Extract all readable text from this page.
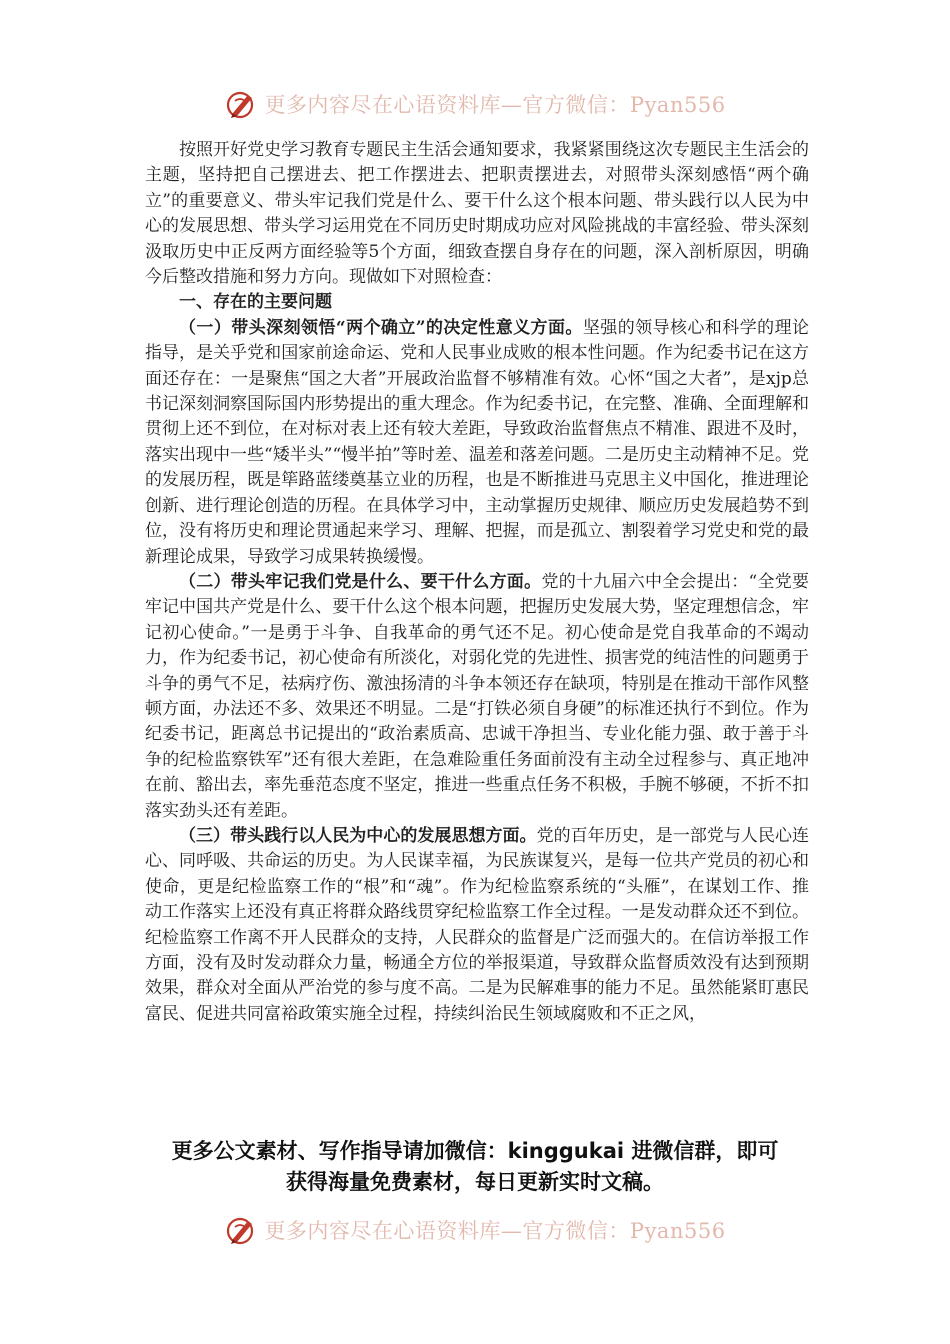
更多内容尽在心语资料库—官方微信：Pyan556

按照开好党史学习教育专题民主生活会通知要求，我紧紧围绕这次专题民主生活会的主题，坚持把自己摆进去、把工作摆进去、把职责摆进去，对照带头深刻感悟“两个确立”的重要意义、带头牢记我们党是什么、要干什么这个根本问题、带头践行以人民为中心的发展思想、带头学习运用党在不同历史时期成功应对风险挑战的丰富经验、带头深刻汲取历史中正反两方面经验等5个方面，细致查摆自身存在的问题，深入剖析原因，明确今后整改措施和努力方向。现做如下对照检查：

一、存在的主要问题

（一）带头深刻领悟“两个确立”的决定性意义方面。坚强的领导核心和科学的理论指导，是关乎党和国家前途命运、党和人民事业成败的根本性问题。作为纪委书记在这方面还存在：一是聚焦“国之大者”开展政治监督不够精准有效。心怀“国之大者”，是xjp总书记深刻洞察国际国内形势提出的重大理念。作为纪委书记，在完整、准确、全面理解和贯彻上还不到位，在对标对表上还有较大差距，导致政治监督焦点不精准、跟进不及时，落实出现中一些“矮半头”“慢半拍”等时差、温差和落差问题。二是历史主动精神不足。党的发展历程，既是筚路蓝缕奠基立业的历程，也是不断推进马克思主义中国化，推进理论创新、进行理论创造的历程。在具体学习中，主动掌握历史规律、顺应历史发展趋势不到位，没有将历史和理论贯通起来学习、理解、把握，而是孤立、割裂着学习党史和党的最新理论成果，导致学习成果转换缓慢。

（二）带头牢记我们党是什么、要干什么方面。党的十九届六中全会提出：“全党要牢记中国共产党是什么、要干什么这个根本问题，把握历史发展大势，坚定理想信念，牢记初心使命。”一是勇于斗争、自我革命的勇气还不足。初心使命是党自我革命的不竭动力，作为纪委书记，初心使命有所淡化，对弱化党的先进性、损害党的纯洁性的问题勇于斗争的勇气不足，祛病疗伤、激浊扬清的斗争本领还存在缺项，特别是在推动干部作风整顿方面，办法还不多、效果还不明显。二是“打铁必须自身硬”的标准还执行不到位。作为纪委书记，距离总书记提出的“政治素质高、忠诚干净担当、专业化能力强、敢于善于斗争的纪检监察铁军”还有很大差距，在急难险重任务面前没有主动全过程参与、真正地冲在前、豁出去，率先垂范态度不坚定，推进一些重点任务不积极，手腕不够硬，不折不扣落实劲头还有差距。

（三）带头践行以人民为中心的发展思想方面。党的百年历史，是一部党与人民心连心、同呼吸、共命运的历史。为人民谋幸福，为民族谋复兴，是每一位共产党员的初心和使命，更是纪检监察工作的“根”和“魂”。作为纪检监察系统的“头雁”，在谋划工作、推动工作落实上还没有真正将群众路线贯穿纪检监察工作全过程。一是发动群众还不到位。纪检监察工作离不开人民群众的支持，人民群众的监督是广泛而强大的。在信访举报工作方面，没有及时发动群众力量，畅通全方位的举报渠道，导致群众监督质效没有达到预期效果，群众对全面从严治党的参与度不高。二是为民解难事的能力不足。虽然能紧盯惠民富民、促进共同富裕政策实施全过程，持续纠治民生领域腐败和不正之风，

更多公文素材、写作指导请加微信：kinggukai 进微信群，即可
获得海量免费素材，每日更新实时文稿。
更多内容尽在心语资料库—官方微信：Pyan556
